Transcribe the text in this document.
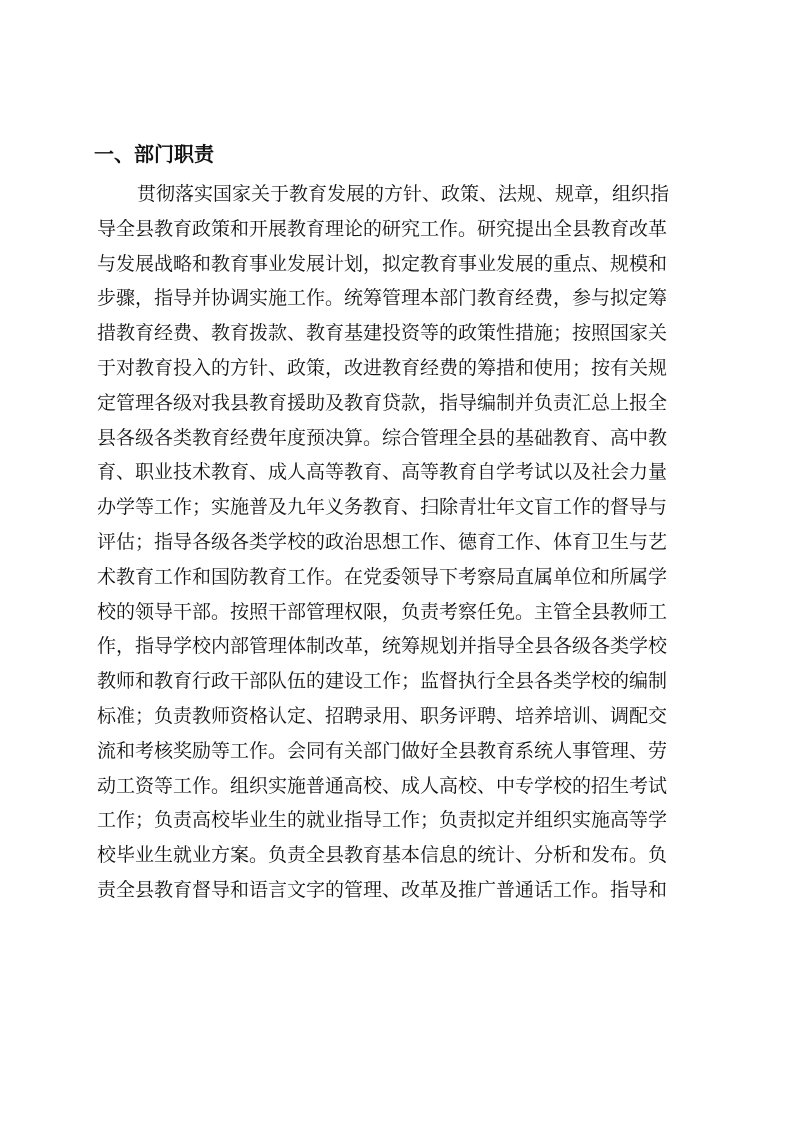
一、部门职责
贯彻落实国家关于教育发展的方针、政策、法规、规章，组织指
导全县教育政策和开展教育理论的研究工作。研究提出全县教育改革
与发展战略和教育事业发展计划，拟定教育事业发展的重点、规模和
步骤，指导并协调实施工作。统筹管理本部门教育经费，参与拟定筹
措教育经费、教育拨款、教育基建投资等的政策性措施；按照国家关
于对教育投入的方针、政策，改进教育经费的筹措和使用；按有关规
定管理各级对我县教育援助及教育贷款，指导编制并负责汇总上报全
县各级各类教育经费年度预决算。综合管理全县的基础教育、高中教
育、职业技术教育、成人高等教育、高等教育自学考试以及社会力量
办学等工作；实施普及九年义务教育、扫除青壮年文盲工作的督导与
评估；指导各级各类学校的政治思想工作、德育工作、体育卫生与艺
术教育工作和国防教育工作。在党委领导下考察局直属单位和所属学
校的领导干部。按照干部管理权限，负责考察任免。主管全县教师工
作，指导学校内部管理体制改革，统筹规划并指导全县各级各类学校
教师和教育行政干部队伍的建设工作；监督执行全县各类学校的编制
标准；负责教师资格认定、招聘录用、职务评聘、培养培训、调配交
流和考核奖励等工作。会同有关部门做好全县教育系统人事管理、劳
动工资等工作。组织实施普通高校、成人高校、中专学校的招生考试
工作；负责高校毕业生的就业指导工作；负责拟定并组织实施高等学
校毕业生就业方案。负责全县教育基本信息的统计、分析和发布。负
责全县教育督导和语言文字的管理、改革及推广普通话工作。指导和
